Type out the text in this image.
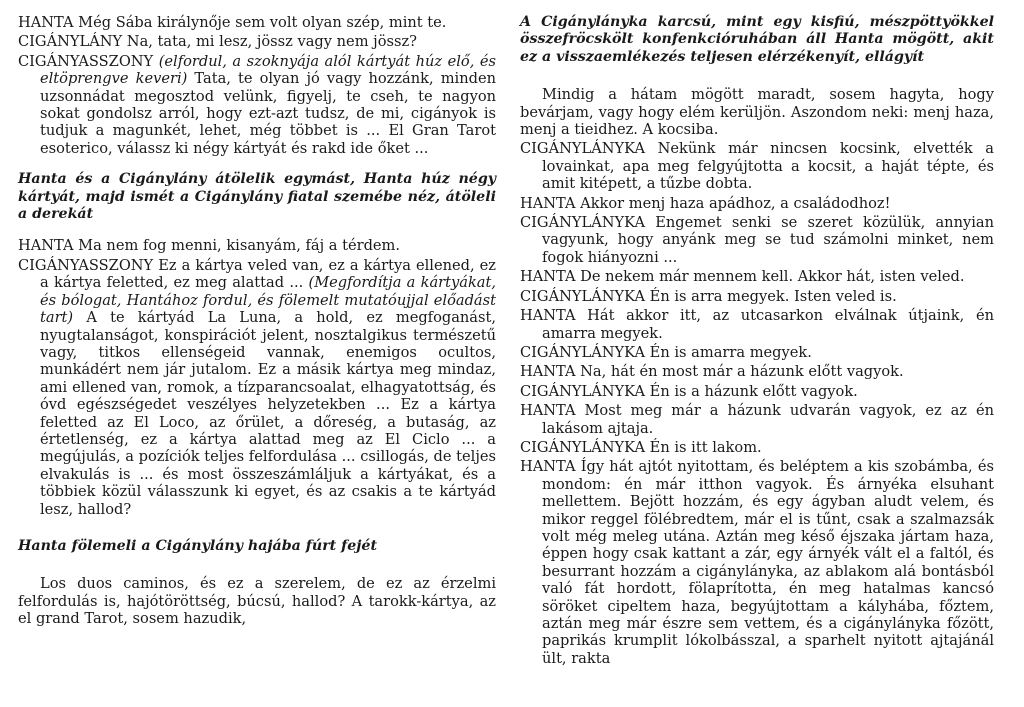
HANTA Még Sába királynője sem volt olyan szép, mint te.

CIGÁNYLÁNY Na, tata, mi lesz, jössz vagy nem jössz?

CIGÁNYASSZONY (elfordul, a szoknyája alól kártyát húz elő, és eltöprengve keveri) Tata, te olyan jó vagy hozzánk, minden uzsonnádat megosztod velünk, figyelj, te cseh, te nagyon sokat gondolsz arról, hogy ezt-azt tudsz, de mi, cigányok is tudjuk a magunkét, lehet, még többet is ... El Gran Tarot esoterico, válassz ki négy kártyát és rakd ide őket ...

Hanta és a Cigánylány átölelik egymást, Hanta húz négy kártyát, majd ismét a Cigánylány fiatal szemébe néz, átöleli a derekát

HANTA Ma nem fog menni, kisanyám, fáj a térdem.

CIGÁNYASSZONY Ez a kártya veled van, ez a kártya ellened, ez a kártya feletted, ez meg alattad ... (Megfordítja a kártyákat, és bólogat, Hantához fordul, és fölemelt mutatóujjal előadást tart) A te kártyád La Luna, a hold, ez megfoganást, nyugtalanságot, konspirációt jelent, nosztalgikus természetű vagy, titkos ellenségeid vannak, enemigos ocultos, munkádért nem jár jutalom. Ez a másik kártya meg mindaz, ami ellened van, romok, a tízparancsoalat, elhagyatottság, és óvd egészségedet veszélyes helyzetekben ... Ez a kártya feletted az El Loco, az őrület, a dőreség, a butaság, az értetlenség, ez a kártya alattad meg az El Ciclo ... a megújulás, a pozíciók teljes felfordulása ... csillogás, de teljes elvakulás is ... és most összeszámláljuk a kártyákat, és a többiek közül válasszunk ki egyet, és az csakis a te kártyád lesz, hallod?

Hanta fölemeli a Cigánylány hajába fúrt fejét

Los duos caminos, és ez a szerelem, de ez az érzelmi felfordulás is, hajótöröttség, búcsú, hallod? A tarokk-kártya, az el grand Tarot, sosem hazudik,

A Cigánylányka karcsú, mint egy kisfiú, mészpöttyökkel összefröcskölt konfenkcióruhában áll Hanta mögött, akit ez a visszaemlékezés teljesen elérzékenyít, ellágyít

Mindig a hátam mögött maradt, sosem hagyta, hogy bevárjam, vagy hogy elém kerüljön. Aszondom neki: menj haza, menj a tieidhez. A kocsiba.

CIGÁNYLÁNYKA Nekünk már nincsen kocsink, elvették a lovainkat, apa meg felgyújtotta a kocsit, a haját tépte, és amit kitépett, a tűzbe dobta.

HANTA Akkor menj haza apádhoz, a családodhoz!

CIGÁNYLÁNYKA Engemet senki se szeret közülük, annyian vagyunk, hogy anyánk meg se tud számolni minket, nem fogok hiányozni ...

HANTA De nekem már mennem kell. Akkor hát, isten veled.

CIGÁNYLÁNYKA Én is arra megyek. Isten veled is.

HANTA Hát akkor itt, az utcasarkon elválnak útjaink, én amarra megyek.

CIGÁNYLÁNYKA Én is amarra megyek.

HANTA Na, hát én most már a házunk előtt vagyok.

CIGÁNYLÁNYKA Én is a házunk előtt vagyok.

HANTA Most meg már a házunk udvarán vagyok, ez az én lakásom ajtaja.

CIGÁNYLÁNYKA Én is itt lakom.

HANTA Így hát ajtót nyitottam, és beléptem a kis szobámba, és mondom: én már itthon vagyok. És árnyéka elsuhant mellettem. Bejött hozzám, és egy ágyban aludt velem, és mikor reggel fölébredtem, már el is tűnt, csak a szalmazsák volt még meleg utána. Aztán meg késő éjszaka jártam haza, éppen hogy csak kattant a zár, egy árnyék vált el a faltól, és besurrant hozzám a cigánylányka, az ablakom alá bontásból való fát hordott, fölaprította, én meg hatalmas kancsó söröket cipeltem haza, begyújtottam a kályhába, főztem, aztán meg már észre sem vettem, és a cigánylányka főzött, paprikás krumplit lókolbásszal, a sparhelt nyitott ajtajánál ült, rakta
